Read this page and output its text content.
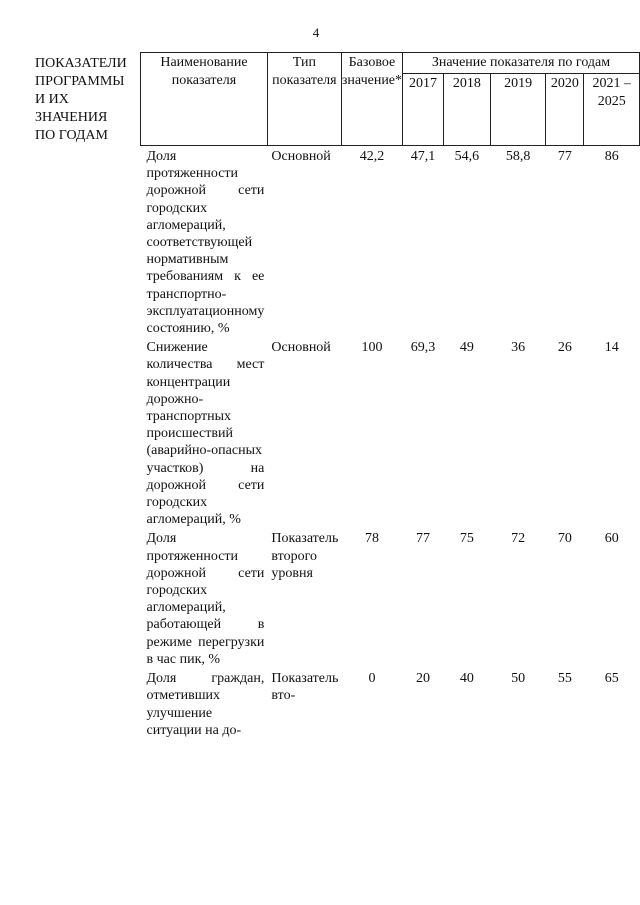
4
ПОКАЗАТЕЛИ
ПРОГРАММЫ
И ИХ
ЗНАЧЕНИЯ
ПО ГОДАМ
Наименование показателя	Тип показателя	Базовое значение*	Значение показателя по годам				
			2017	2018	2019	2020	2021 – 2025
Доля протяженности дорожной сети городских агломераций, соответствующей нормативным требованиям к ее транспортно-эксплуатационному состоянию, %	Основной	42,2	47,1	54,6	58,8	77	86
Снижение количества мест концентрации дорожно-транспортных происшествий (аварийно-опасных участков) на дорожной сети городских агломераций, %	Основной	100	69,3	49	36	26	14
Доля протяженности дорожной сети городских агломераций, работающей в режиме перегрузки в час пик, %	Показатель второго уровня	78	77	75	72	70	60
Доля граждан, отметивших улучшение ситуации на до-	Показатель вто-	0	20	40	50	55	65
